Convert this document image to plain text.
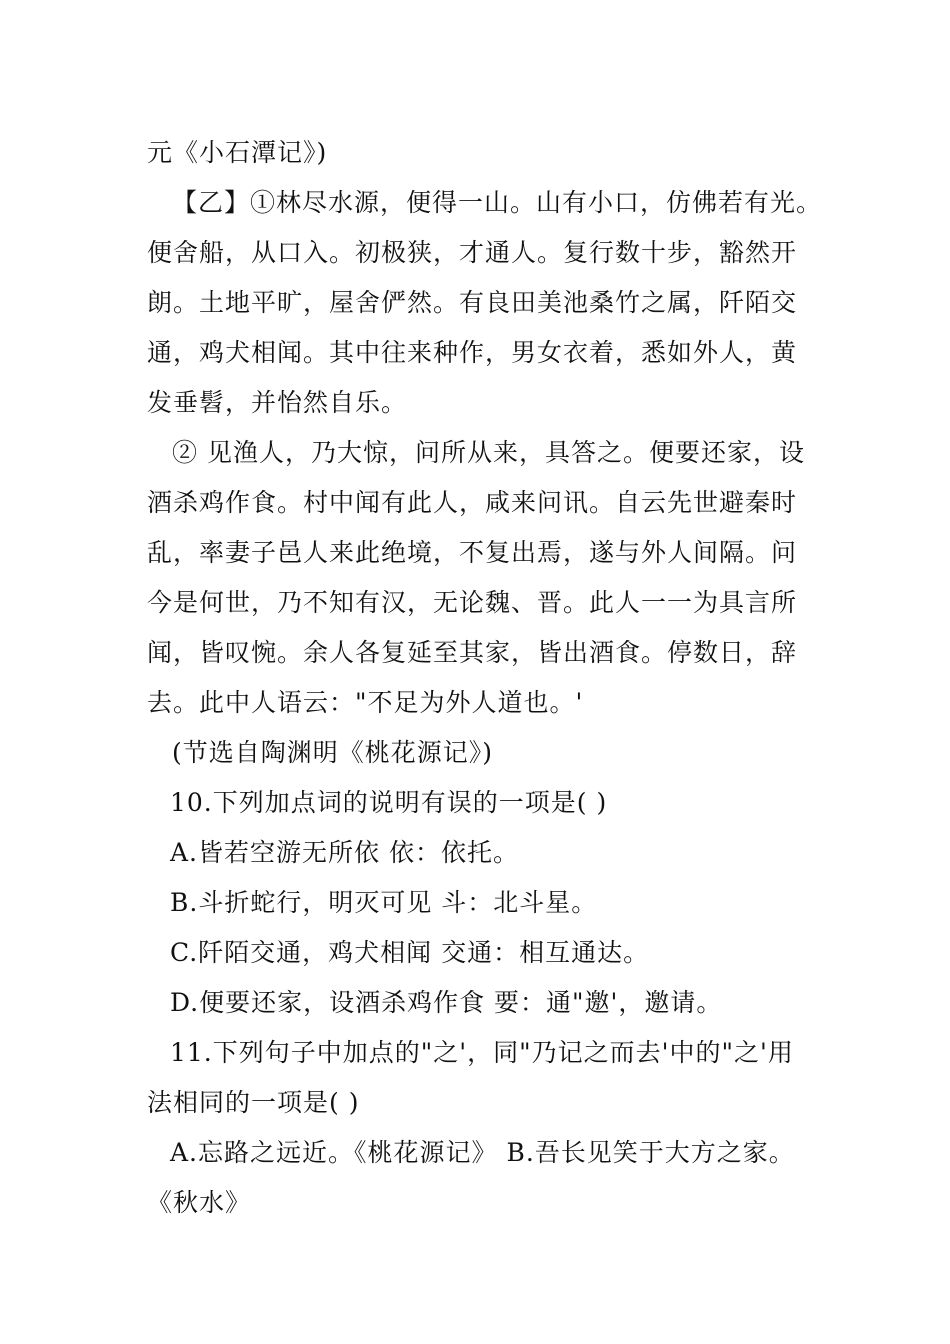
元《小石潭记》)
【乙】①林尽水源，便得一山。山有小口，仿佛若有光。
便舍船，从口入。初极狭，才通人。复行数十步，豁然开
朗。土地平旷，屋舍俨然。有良田美池桑竹之属，阡陌交
通，鸡犬相闻。其中往来种作，男女衣着，悉如外人，黄
发垂髫，并怡然自乐。
② 见渔人，乃大惊，问所从来，具答之。便要还家，设
酒杀鸡作食。村中闻有此人，咸来问讯。自云先世避秦时
乱，率妻子邑人来此绝境，不复出焉，遂与外人间隔。问
今是何世，乃不知有汉，无论魏、晋。此人一一为具言所
闻，皆叹惋。余人各复延至其家，皆出酒食。停数日，辞
去。此中人语云："不足为外人道也。'
(节选自陶渊明《桃花源记》)
10.下列加点词的说明有误的一项是( )
A.皆若空游无所依 依：依托。
B.斗折蛇行，明灭可见 斗：北斗星。
C.阡陌交通，鸡犬相闻 交通：相互通达。
D.便要还家，设酒杀鸡作食 要：通"邀'，邀请。
11.下列句子中加点的"之'，同"乃记之而去'中的"之'用
法相同的一项是( )
A.忘路之远近。《桃花源记》 B.吾长见笑于大方之家。
《秋水》
